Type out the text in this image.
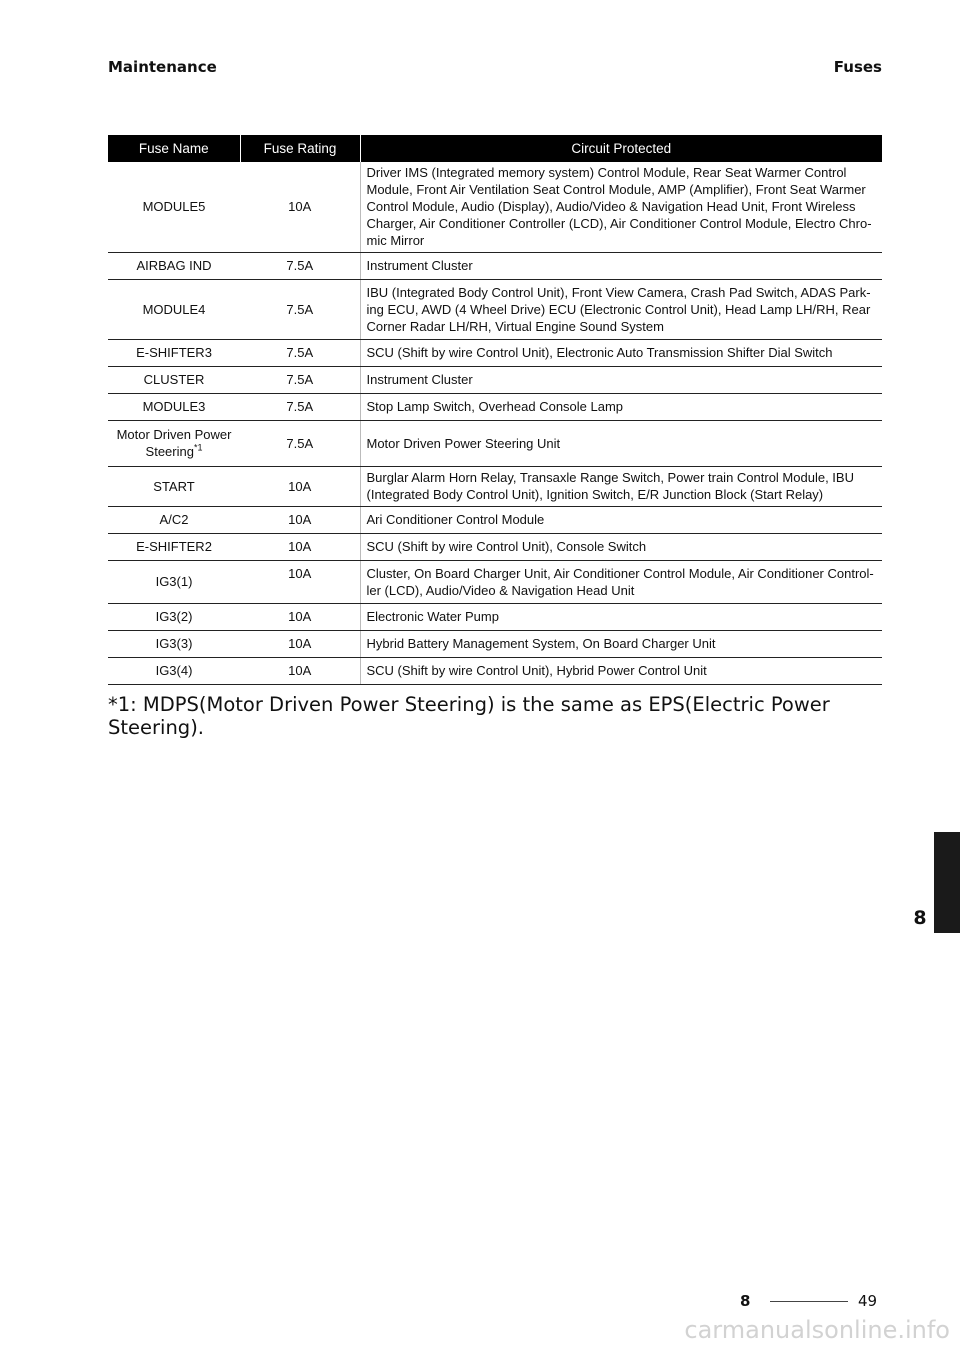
Maintenance	Fuses
Fuse Name	Fuse Rating	Circuit Protected
MODULE5	10A	Driver IMS (Integrated memory system) Control Module, Rear Seat Warmer Control Module, Front Air Ventilation Seat Control Module, AMP (Amplifier), Front Seat Warmer Control Module, Audio (Display), Audio/Video & Navigation Head Unit, Front Wireless Charger, Air Conditioner Controller (LCD), Air Conditioner Control Module, Electro Chro-mic Mirror
AIRBAG IND	7.5A	Instrument Cluster
MODULE4	7.5A	IBU (Integrated Body Control Unit), Front View Camera, Crash Pad Switch, ADAS Park-ing ECU, AWD (4 Wheel Drive) ECU (Electronic Control Unit), Head Lamp LH/RH, Rear Corner Radar LH/RH, Virtual Engine Sound System
E-SHIFTER3	7.5A	SCU (Shift by wire Control Unit), Electronic Auto Transmission Shifter Dial Switch
CLUSTER	7.5A	Instrument Cluster
MODULE3	7.5A	Stop Lamp Switch, Overhead Console Lamp
Motor Driven Power Steering$^{*1}$	7.5A	Motor Driven Power Steering Unit
START	10A	Burglar Alarm Horn Relay, Transaxle Range Switch, Power train Control Module, IBU (Integrated Body Control Unit), Ignition Switch, E/R Junction Block (Start Relay)
A/C2	10A	Ari Conditioner Control Module
E-SHIFTER2	10A	SCU (Shift by wire Control Unit), Console Switch
IG3(1)	10A	Cluster, On Board Charger Unit, Air Conditioner Control Module, Air Conditioner Control-ler (LCD), Audio/Video & Navigation Head Unit
IG3(2)	10A	Electronic Water Pump
IG3(3)	10A	Hybrid Battery Management System, On Board Charger Unit
IG3(4)	10A	SCU (Shift by wire Control Unit), Hybrid Power Control Unit
*1: MDPS(Motor Driven Power Steering) is the same as EPS(Electric Power Steering).
8
8	49
carmanualsonline.info
